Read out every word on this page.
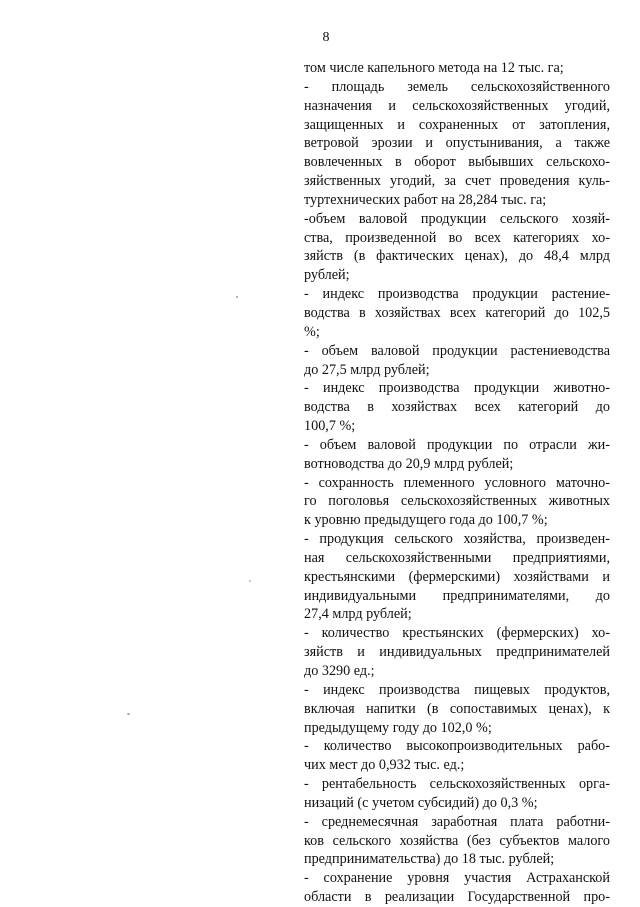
8
том числе капельного метода на 12 тыс. га;
- площадь земель сельскохозяйственного
назначения и сельскохозяйственных угодий,
защищенных и сохраненных от затопления,
ветровой эрозии и опустынивания, а также
вовлеченных в оборот выбывших сельскохо-
зяйственных угодий, за счет проведения куль-
туртехнических работ на 28,284 тыс. га;
-объем валовой продукции сельского хозяй-
ства, произведенной во всех категориях хо-
зяйств (в фактических ценах), до 48,4 млрд
рублей;
- индекс производства продукции растение-
водства в хозяйствах всех категорий до 102,5
%;
- объем валовой продукции растениеводства
до 27,5 млрд рублей;
- индекс производства продукции животно-
водства в хозяйствах всех категорий до
100,7 %;
- объем валовой продукции по отрасли жи-
вотноводства до 20,9 млрд рублей;
- сохранность племенного условного маточно-
го поголовья сельскохозяйственных животных
к уровню предыдущего года до 100,7 %;
- продукция сельского хозяйства, произведен-
ная сельскохозяйственными предприятиями,
крестьянскими (фермерскими) хозяйствами и
индивидуальными предпринимателями, до
27,4 млрд рублей;
- количество крестьянских (фермерских) хо-
зяйств и индивидуальных предпринимателей
до 3290 ед.;
- индекс производства пищевых продуктов,
включая напитки (в сопоставимых ценах), к
предыдущему году до 102,0 %;
- количество высокопроизводительных рабо-
чих мест до 0,932 тыс. ед.;
- рентабельность сельскохозяйственных орга-
низаций (с учетом субсидий) до 0,3 %;
- среднемесячная заработная плата работни-
ков сельского хозяйства (без субъектов малого
предпринимательства) до 18 тыс. рублей;
- сохранение уровня участия Астраханской
области в реализации Государственной про-
